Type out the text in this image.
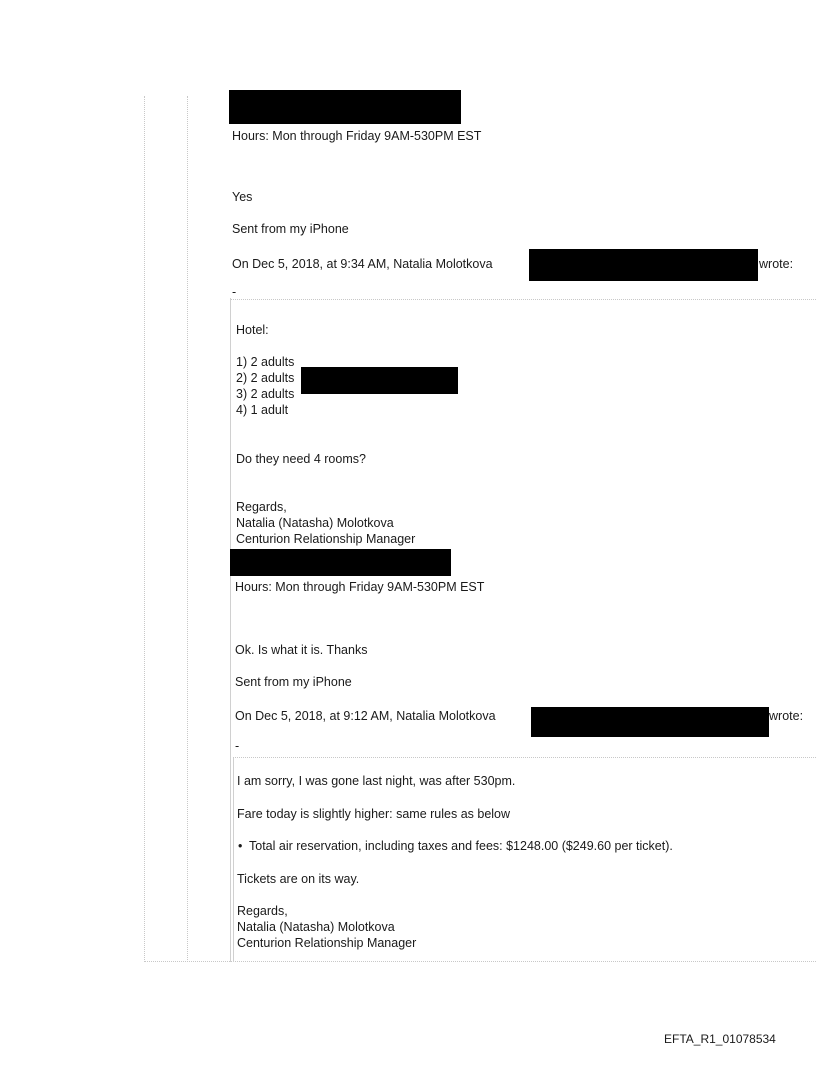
Hours: Mon through Friday 9AM-530PM EST
Yes
Sent from my iPhone
On Dec 5, 2018, at 9:34 AM, Natalia Molotkova	wrote:
-
Hotel:
1) 2 adults
2) 2 adults
3) 2 adults
4) 1 adult
Do they need 4 rooms?
Regards,
Natalia (Natasha) Molotkova
Centurion Relationship Manager
Hours: Mon through Friday 9AM-530PM EST
Ok. Is what it is. Thanks
Sent from my iPhone
On Dec 5, 2018, at 9:12 AM, Natalia Molotkova	wrote:
-
I am sorry, I was gone last night, was after 530pm.
Fare today is slightly higher: same rules as below
• Total air reservation, including taxes and fees: $1248.00 ($249.60 per ticket).
Tickets are on its way.
Regards,
Natalia (Natasha) Molotkova
Centurion Relationship Manager
EFTA_R1_01078534
